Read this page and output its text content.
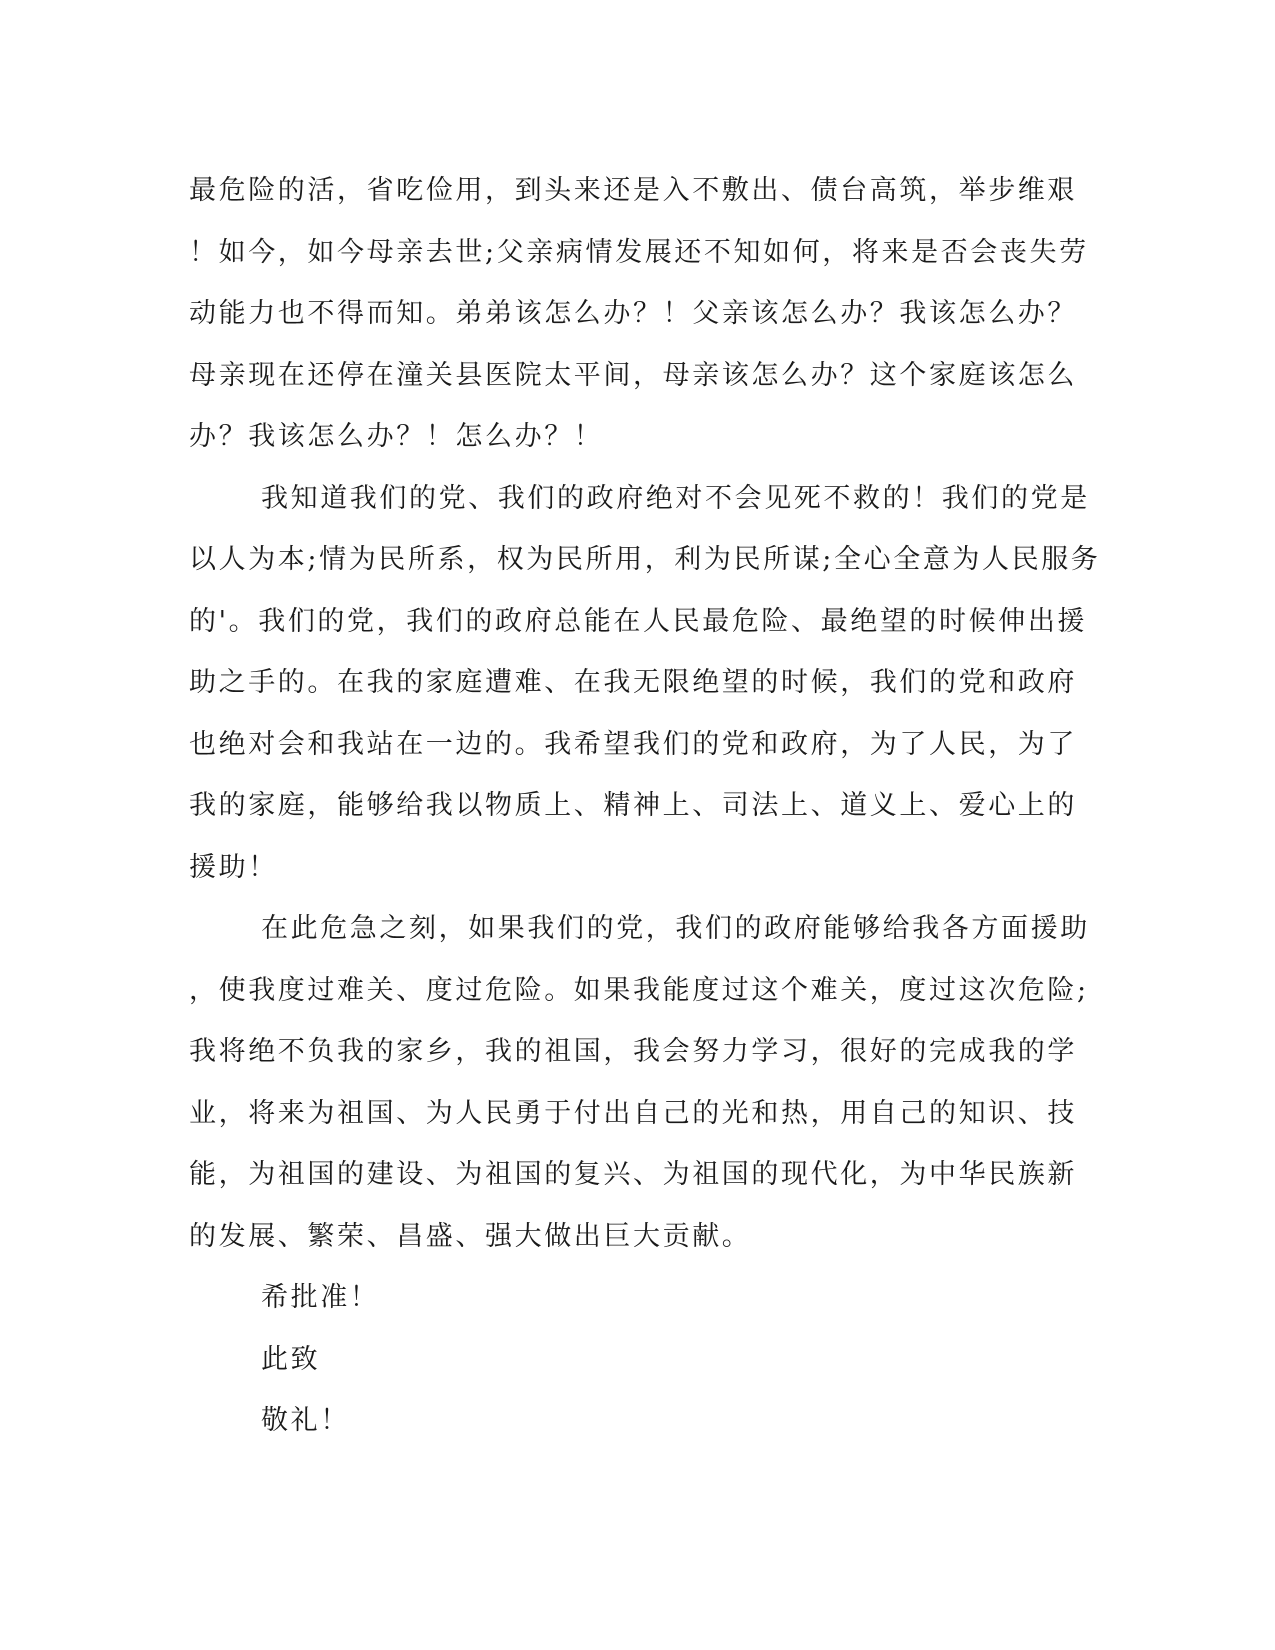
最危险的活，省吃俭用，到头来还是入不敷出、债台高筑，举步维艰
！如今，如今母亲去世;父亲病情发展还不知如何，将来是否会丧失劳
动能力也不得而知。弟弟该怎么办？！父亲该怎么办？我该怎么办？
母亲现在还停在潼关县医院太平间，母亲该怎么办？这个家庭该怎么
办？我该怎么办？！怎么办？！
我知道我们的党、我们的政府绝对不会见死不救的！我们的党是
以人为本;情为民所系，权为民所用，利为民所谋;全心全意为人民服务
的'。我们的党，我们的政府总能在人民最危险、最绝望的时候伸出援
助之手的。在我的家庭遭难、在我无限绝望的时候，我们的党和政府
也绝对会和我站在一边的。我希望我们的党和政府，为了人民，为了
我的家庭，能够给我以物质上、精神上、司法上、道义上、爱心上的
援助！
在此危急之刻，如果我们的党，我们的政府能够给我各方面援助
，使我度过难关、度过危险。如果我能度过这个难关，度过这次危险;
我将绝不负我的家乡，我的祖国，我会努力学习，很好的完成我的学
业，将来为祖国、为人民勇于付出自己的光和热，用自己的知识、技
能，为祖国的建设、为祖国的复兴、为祖国的现代化，为中华民族新
的发展、繁荣、昌盛、强大做出巨大贡献。
希批准！
此致
敬礼！
